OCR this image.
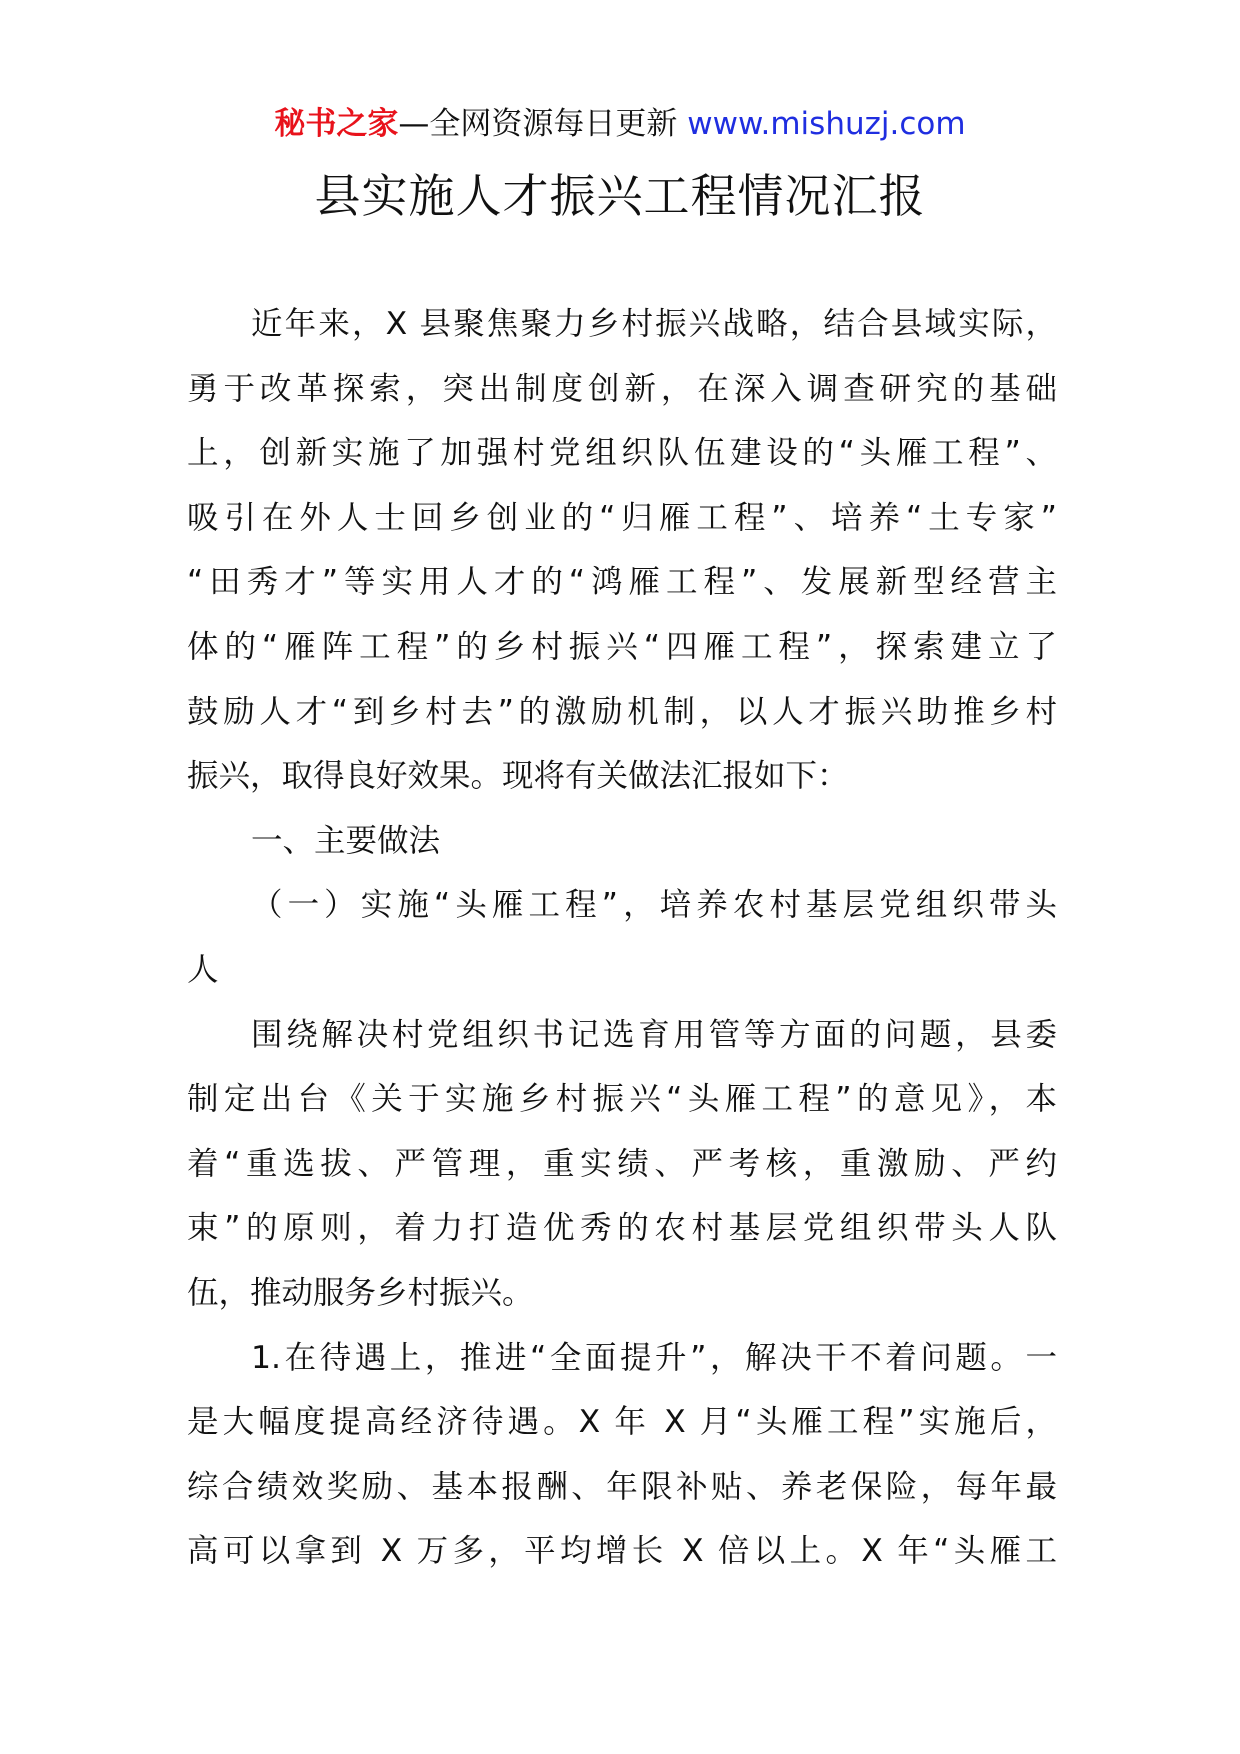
秘书之家—全网资源每日更新 www.mishuzj.com
县实施人才振兴工程情况汇报
近年来，X 县聚焦聚力乡村振兴战略，结合县域实际，
勇于改革探索，突出制度创新，在深入调查研究的基础
上，创新实施了加强村党组织队伍建设的“头雁工程”、
吸引在外人士回乡创业的“归雁工程”、培养“土专家”
“田秀才”等实用人才的“鸿雁工程”、发展新型经营主
体的“雁阵工程”的乡村振兴“四雁工程”，探索建立了
鼓励人才“到乡村去”的激励机制，以人才振兴助推乡村
振兴，取得良好效果。现将有关做法汇报如下：
一、主要做法
（一）实施“头雁工程”，培养农村基层党组织带头
人
围绕解决村党组织书记选育用管等方面的问题，县委
制定出台《关于实施乡村振兴“头雁工程”的意见》，本
着“重选拔、严管理，重实绩、严考核，重激励、严约
束”的原则，着力打造优秀的农村基层党组织带头人队
伍，推动服务乡村振兴。
1.在待遇上，推进“全面提升”，解决干不着问题。一
是大幅度提高经济待遇。X 年 X 月“头雁工程”实施后，
综合绩效奖励、基本报酬、年限补贴、养老保险，每年最
高可以拿到 X 万多，平均增长 X 倍以上。X 年“头雁工
